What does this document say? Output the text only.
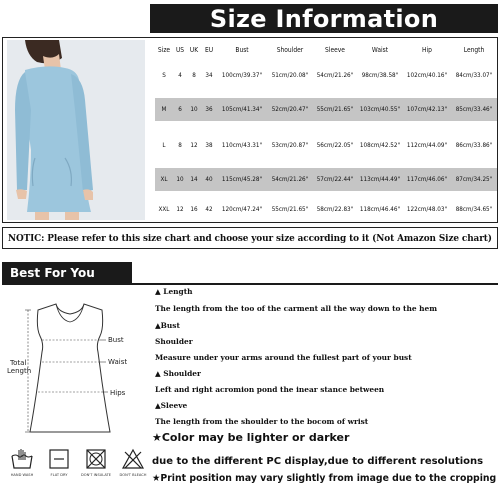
Size Information
Size US UK	EU	Bust	Shoulder	Sleeve	Waist	Hip	Length
S	4	8	34	100cm/39.37"	51cm/20.08"	54cm/21.26"	98cm/38.58"	102cm/40.16"	84cm/33.07"
M	6	10	36	105cm/41.34"	52cm/20.47"	55cm/21.65"	103cm/40.55"	107cm/42.13"	85cm/33.46"
L	8	12	38	110cm/43.31"	53cm/20.87"	56cm/22.05"	108cm/42.52"	112cm/44.09"	86cm/33.86"
XL	10	14	40	115cm/45.28"	54cm/21.26"	57cm/22.44"	113cm/44.49"	117cm/46.06"	87cm/34.25"
XXL	12	16	42	120cm/47.24"	55cm/21.65"	58cm/22.83"	118cm/46.46"	122cm/48.03"	88cm/34.65"
NOTIC: Please refer to this size chart and choose your size according to it (Not Amazon Size chart)
Best For You
Total
Length
Bust
Waist
Hips
▲ Length
The length from the too of the carment all the way down to the hem
▲Bust
Shoulder
Measure under your arms around the fullest part of your bust
▲ Shoulder
Left and right acromion pond the inear stance between
▲Sleeve
The length from the shoulder to the bocom of wrist
★Color may be lighter or darker
due to the different PC display,due to different resolutions
★Print position may vary slightly from image due to the cropping
HAND WASH	FLAT DRY	DON'T INSULATE	DON'T BLEACH
